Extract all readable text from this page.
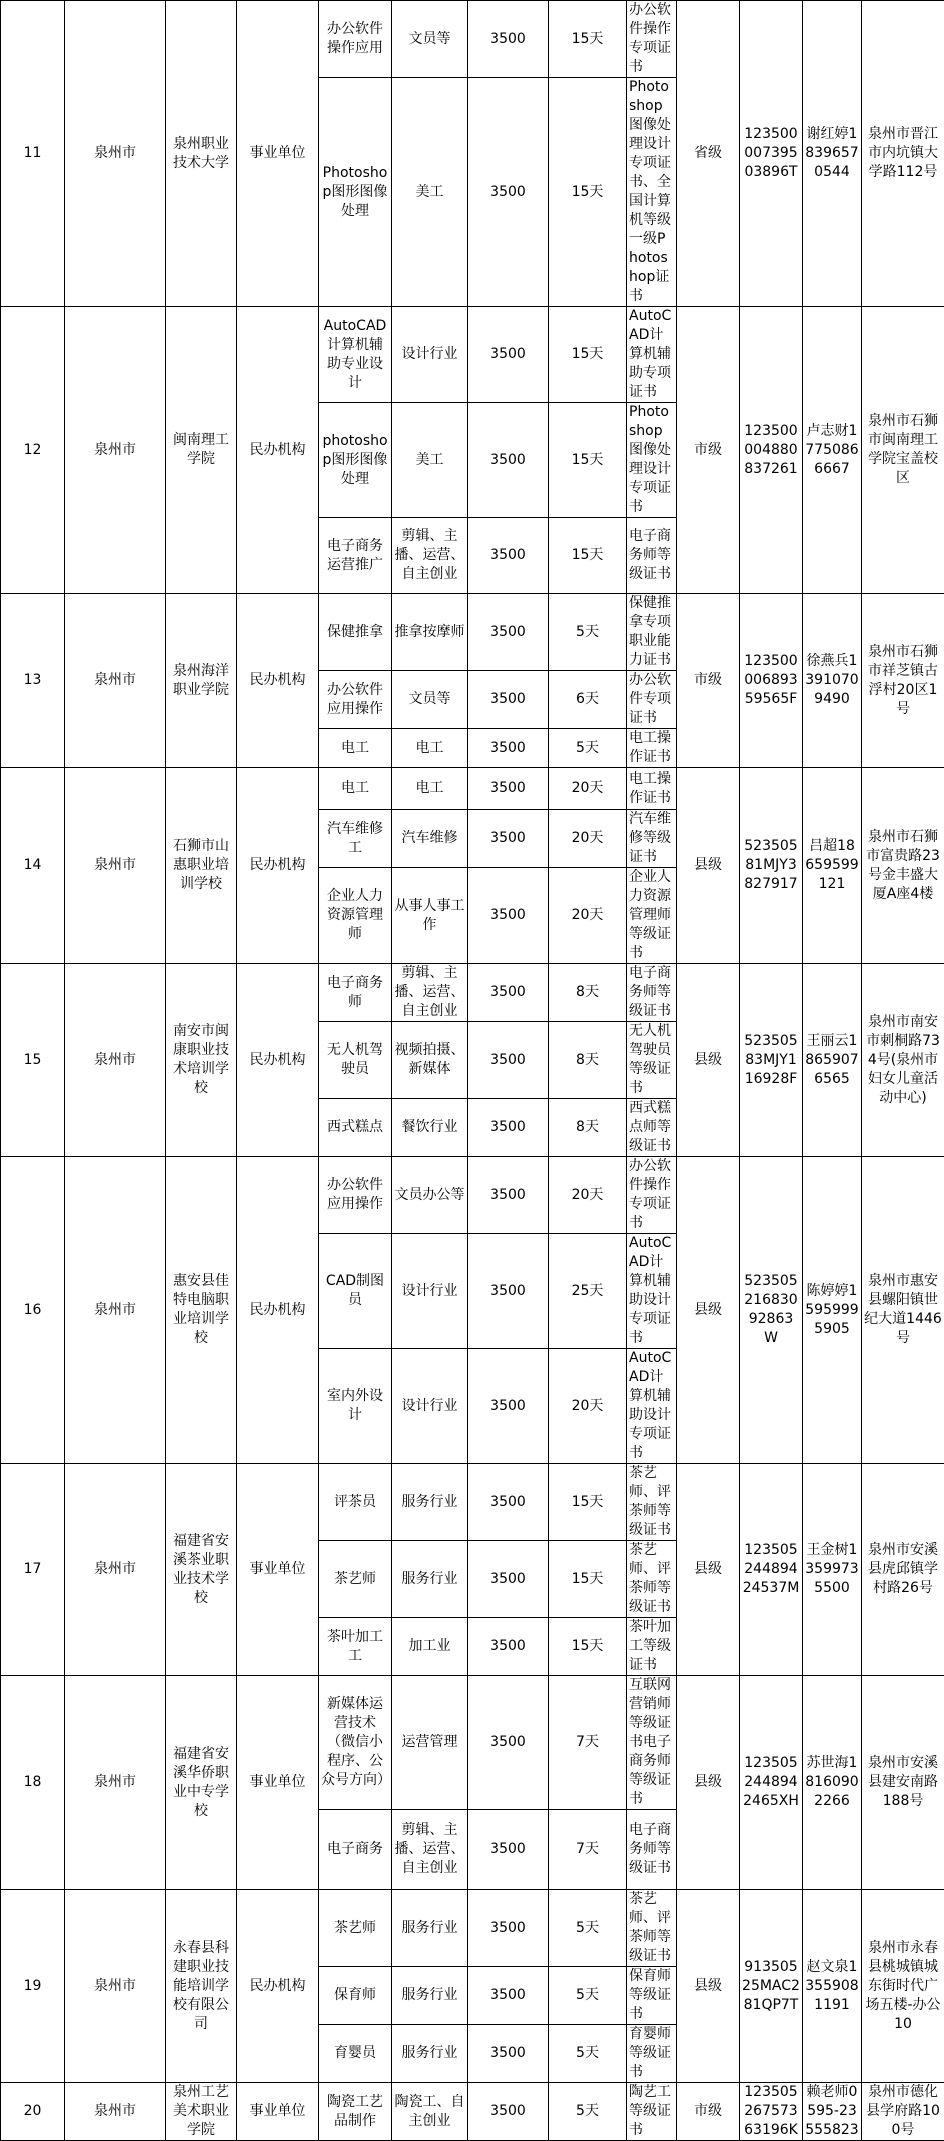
11	泉州市	泉州职业技术大学	事业单位	办公软件操作应用	文员等	3500	15天	办公软件操作专项证书	省级	12350000739503896T	谢红婷18396570544	泉州市晋江市内坑镇大学路112号
				Photoshop图形图像处理	美工	3500	15天	Photoshop图像处理设计专项证书、全国计算机等级一级Photoshop证书				
12	泉州市	闽南理工学院	民办机构	AutoCAD计算机辅助专业设计	设计行业	3500	15天	AutoCAD计算机辅助专项证书	市级	123500004880837261	卢志财17750866667	泉州市石狮市闽南理工学院宝盖校区
				photoshop图形图像处理	美工	3500	15天	Photoshop图像处理设计专项证书				
				电子商务运营推广	剪辑、主播、运营、自主创业	3500	15天	电子商务师等级证书				
13	泉州市	泉州海洋职业学院	民办机构	保健推拿	推拿按摩师	3500	5天	保健推拿专项职业能力证书	市级	12350000689359565F	徐燕兵13910709490	泉州市石狮市祥芝镇古浮村20区1号
				办公软件应用操作	文员等	3500	6天	办公软件专项证书				
				电工	电工	3500	5天	电工操作证书				
14	泉州市	石狮市山惠职业培训学校	民办机构	电工	电工	3500	20天	电工操作证书	县级	52350581MJY3827917	吕超18659599121	泉州市石狮市富贵路23号金丰盛大厦A座4楼
				汽车维修工	汽车维修	3500	20天	汽车维修等级证书				
				企业人力资源管理师	从事人事工作	3500	20天	企业人力资源管理师等级证书				
15	泉州市	南安市闽康职业技术培训学校	民办机构	电子商务师	剪辑、主播、运营、自主创业	3500	8天	电子商务师等级证书	县级	52350583MJY116928F	王丽云18659076565	泉州市南安市刺桐路734号(泉州市妇女儿童活动中心)
				无人机驾驶员	视频拍摄、新媒体	3500	8天	无人机驾驶员等级证书				
				西式糕点	餐饮行业	3500	8天	西式糕点师等级证书				
16	泉州市	惠安县佳特电脑职业培训学校	民办机构	办公软件应用操作	文员办公等	3500	20天	办公软件操作专项证书	县级	52350521683092863W	陈婷婷15959995905	泉州市惠安县螺阳镇世纪大道1446号
				CAD制图员	设计行业	3500	25天	AutoCAD计算机辅助设计专项证书				
				室内外设计	设计行业	3500	20天	AutoCAD计算机辅助设计专项证书				
17	泉州市	福建省安溪茶业职业技术学校	事业单位	评茶员	服务行业	3500	15天	茶艺师、评茶师等级证书	县级	12350524489424537M	王金树13599735500	泉州市安溪县虎邱镇学村路26号
				茶艺师	服务行业	3500	15天	茶艺师、评茶师等级证书				
				茶叶加工工	加工业	3500	15天	茶叶加工等级证书				
18	泉州市	福建省安溪华侨职业中专学校	事业单位	新媒体运营技术（微信小程序、公众号方向）	运营管理	3500	7天	互联网营销师等级证书电子商务师等级证书	县级	1235052448942465XH	苏世海18160902266	泉州市安溪县建安南路188号
				电子商务	剪辑、主播、运营、自主创业	3500	7天	电子商务师等级证书				
19	泉州市	永春县科建职业技能培训学校有限公司	民办机构	茶艺师	服务行业	3500	5天	茶艺师、评茶师等级证书	县级	91350525MAC281QP7T	赵文泉13559081191	泉州市永春县桃城镇城东街时代广场五楼-办公10
				保育师	服务行业	3500	5天	保育师等级证书				
				育婴员	服务行业	3500	5天	育婴师等级证书				
20	泉州市	泉州工艺美术职业学院	事业单位	陶瓷工艺品制作	陶瓷工、自主创业	3500	5天	陶艺工等级证书	市级	12350526757363196K	赖老师0595-23555823	泉州市德化县学府路100号
